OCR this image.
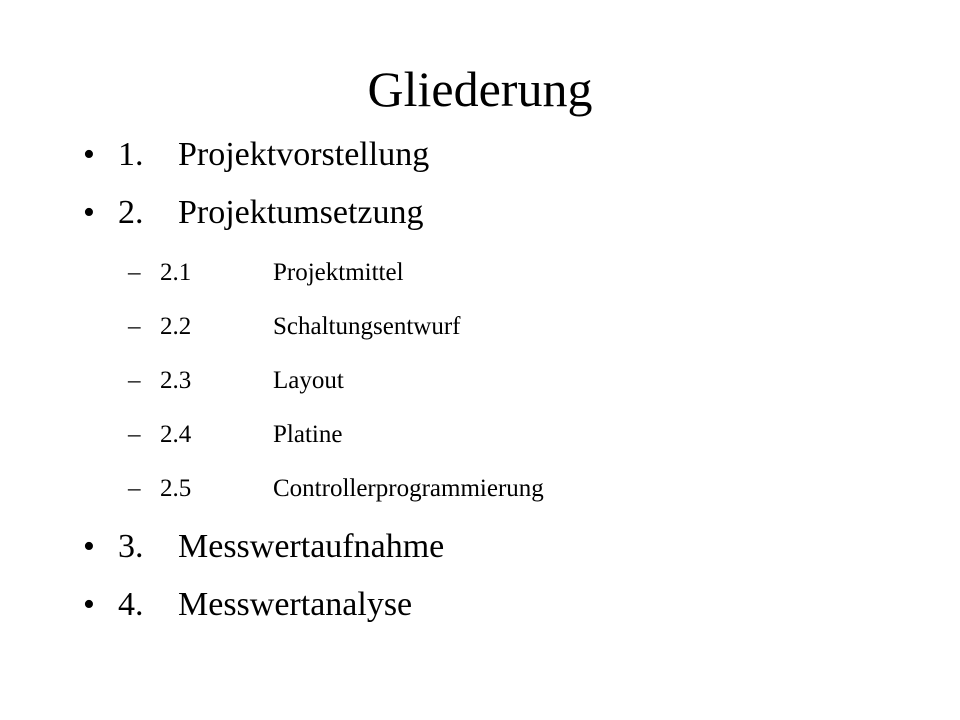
Gliederung
• 1. Projektvorstellung
• 2. Projektumsetzung
– 2.1	Projektmittel
– 2.2	Schaltungsentwurf
– 2.3	Layout
– 2.4	Platine
– 2.5	Controllerprogrammierung
• 3. Messwertaufnahme
• 4. Messwertanalyse
